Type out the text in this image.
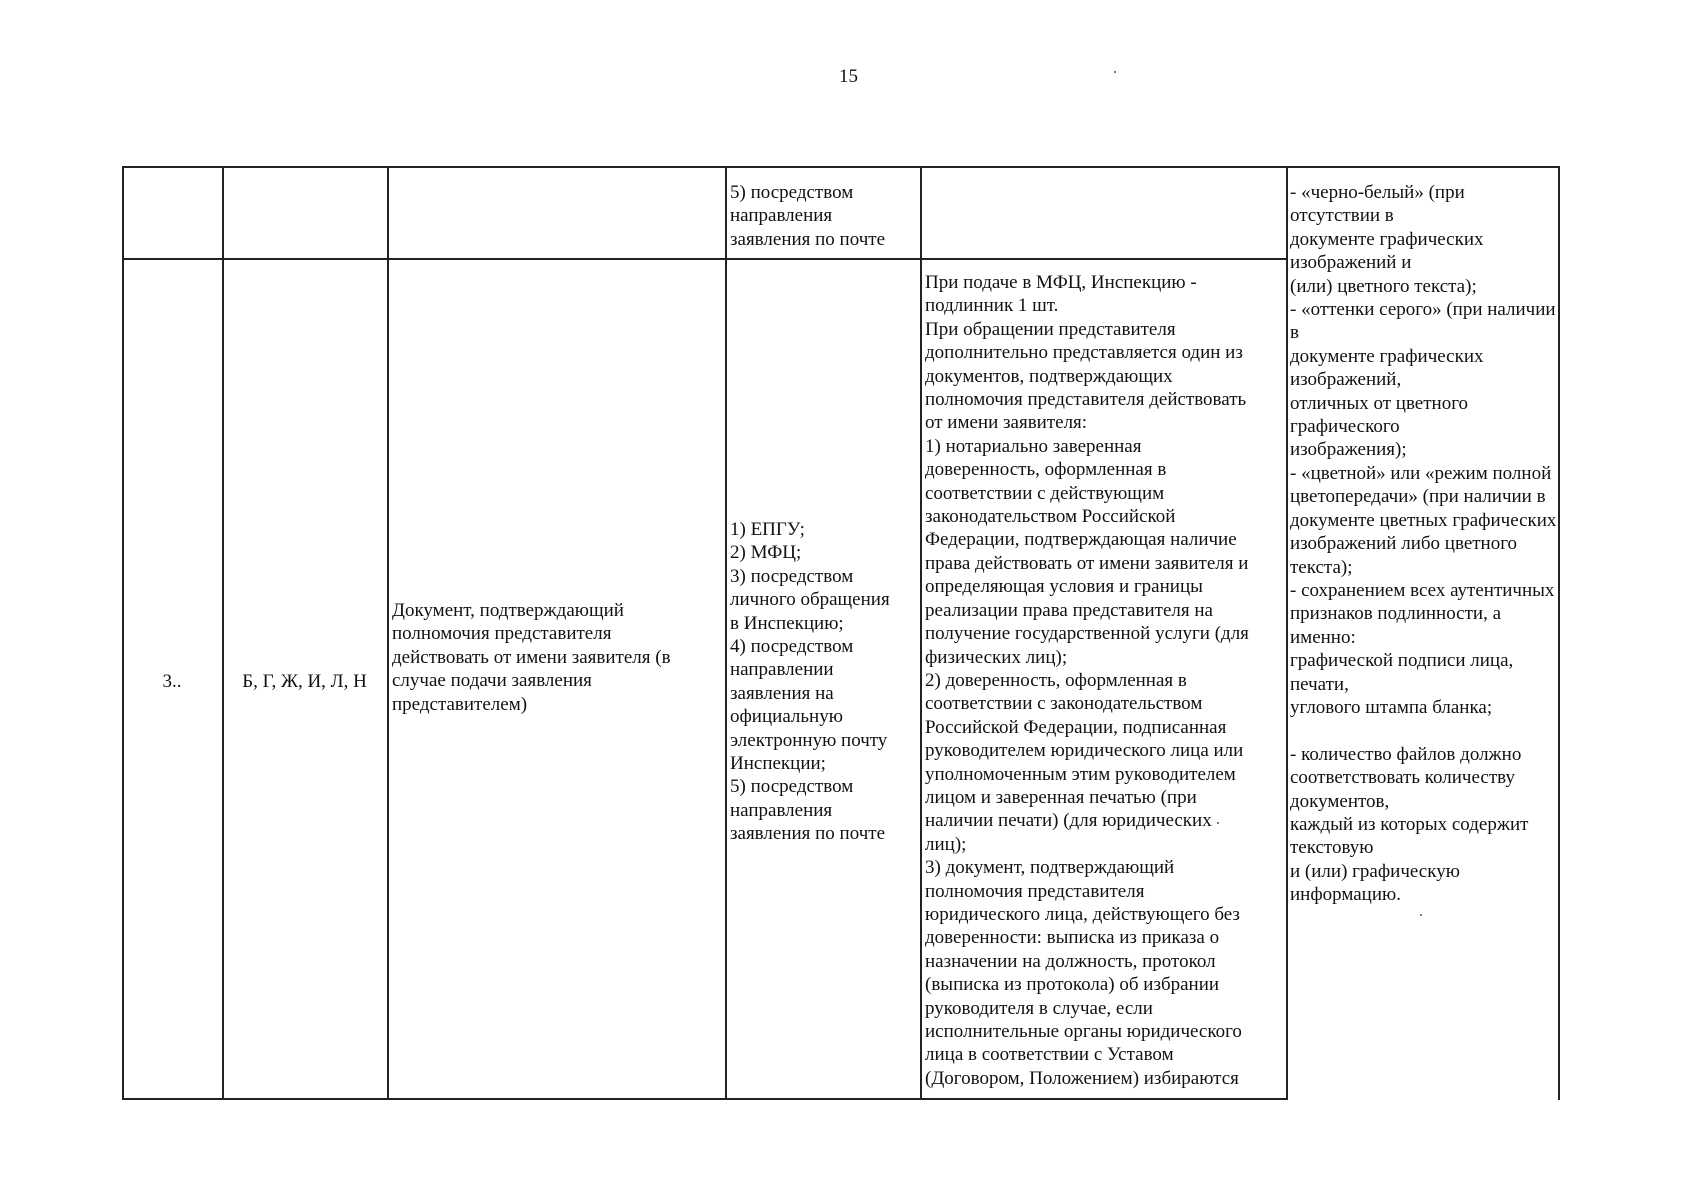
15
5) посредством
направления
заявления по почте
- «черно-белый» (при отсутствии в
документе графических изображений и
(или) цветного текста);
- «оттенки серого» (при наличии в
документе графических изображений,
отличных от цветного графического
изображения);
- «цветной» или «режим полной
цветопередачи» (при наличии в
документе цветных графических
изображений либо цветного текста);
- сохранением всех аутентичных
признаков подлинности, а именно:
графической подписи лица, печати,
углового штампа бланка;

- количество файлов должно
соответствовать количеству документов,
каждый из которых содержит текстовую
и (или) графическую информацию.
3..	Б, Г, Ж, И, Л, Н
Документ, подтверждающий
полномочия представителя
действовать от имени заявителя (в
случае подачи заявления
представителем)
1) ЕПГУ;
2) МФЦ;
3) посредством
личного обращения
в Инспекцию;
4) посредством
направлении
заявления на
официальную
электронную почту
Инспекции;
5) посредством
направления
заявления по почте
При подаче в МФЦ, Инспекцию -
подлинник 1 шт.
При обращении представителя
дополнительно представляется один из
документов, подтверждающих
полномочия представителя действовать
от имени заявителя:
1) нотариально заверенная
доверенность, оформленная в
соответствии с действующим
законодательством Российской
Федерации, подтверждающая наличие
права действовать от имени заявителя и
определяющая условия и границы
реализации права представителя на
получение государственной услуги (для
физических лиц);
2) доверенность, оформленная в
соответствии с законодательством
Российской Федерации, подписанная
руководителем юридического лица или
уполномоченным этим руководителем
лицом и заверенная печатью (при
наличии печати) (для юридических
лиц);
3) документ, подтверждающий
полномочия представителя
юридического лица, действующего без
доверенности: выписка из приказа о
назначении на должность, протокол
(выписка из протокола) об избрании
руководителя в случае, если
исполнительные органы юридического
лица в соответствии с Уставом
(Договором, Положением) избираются
